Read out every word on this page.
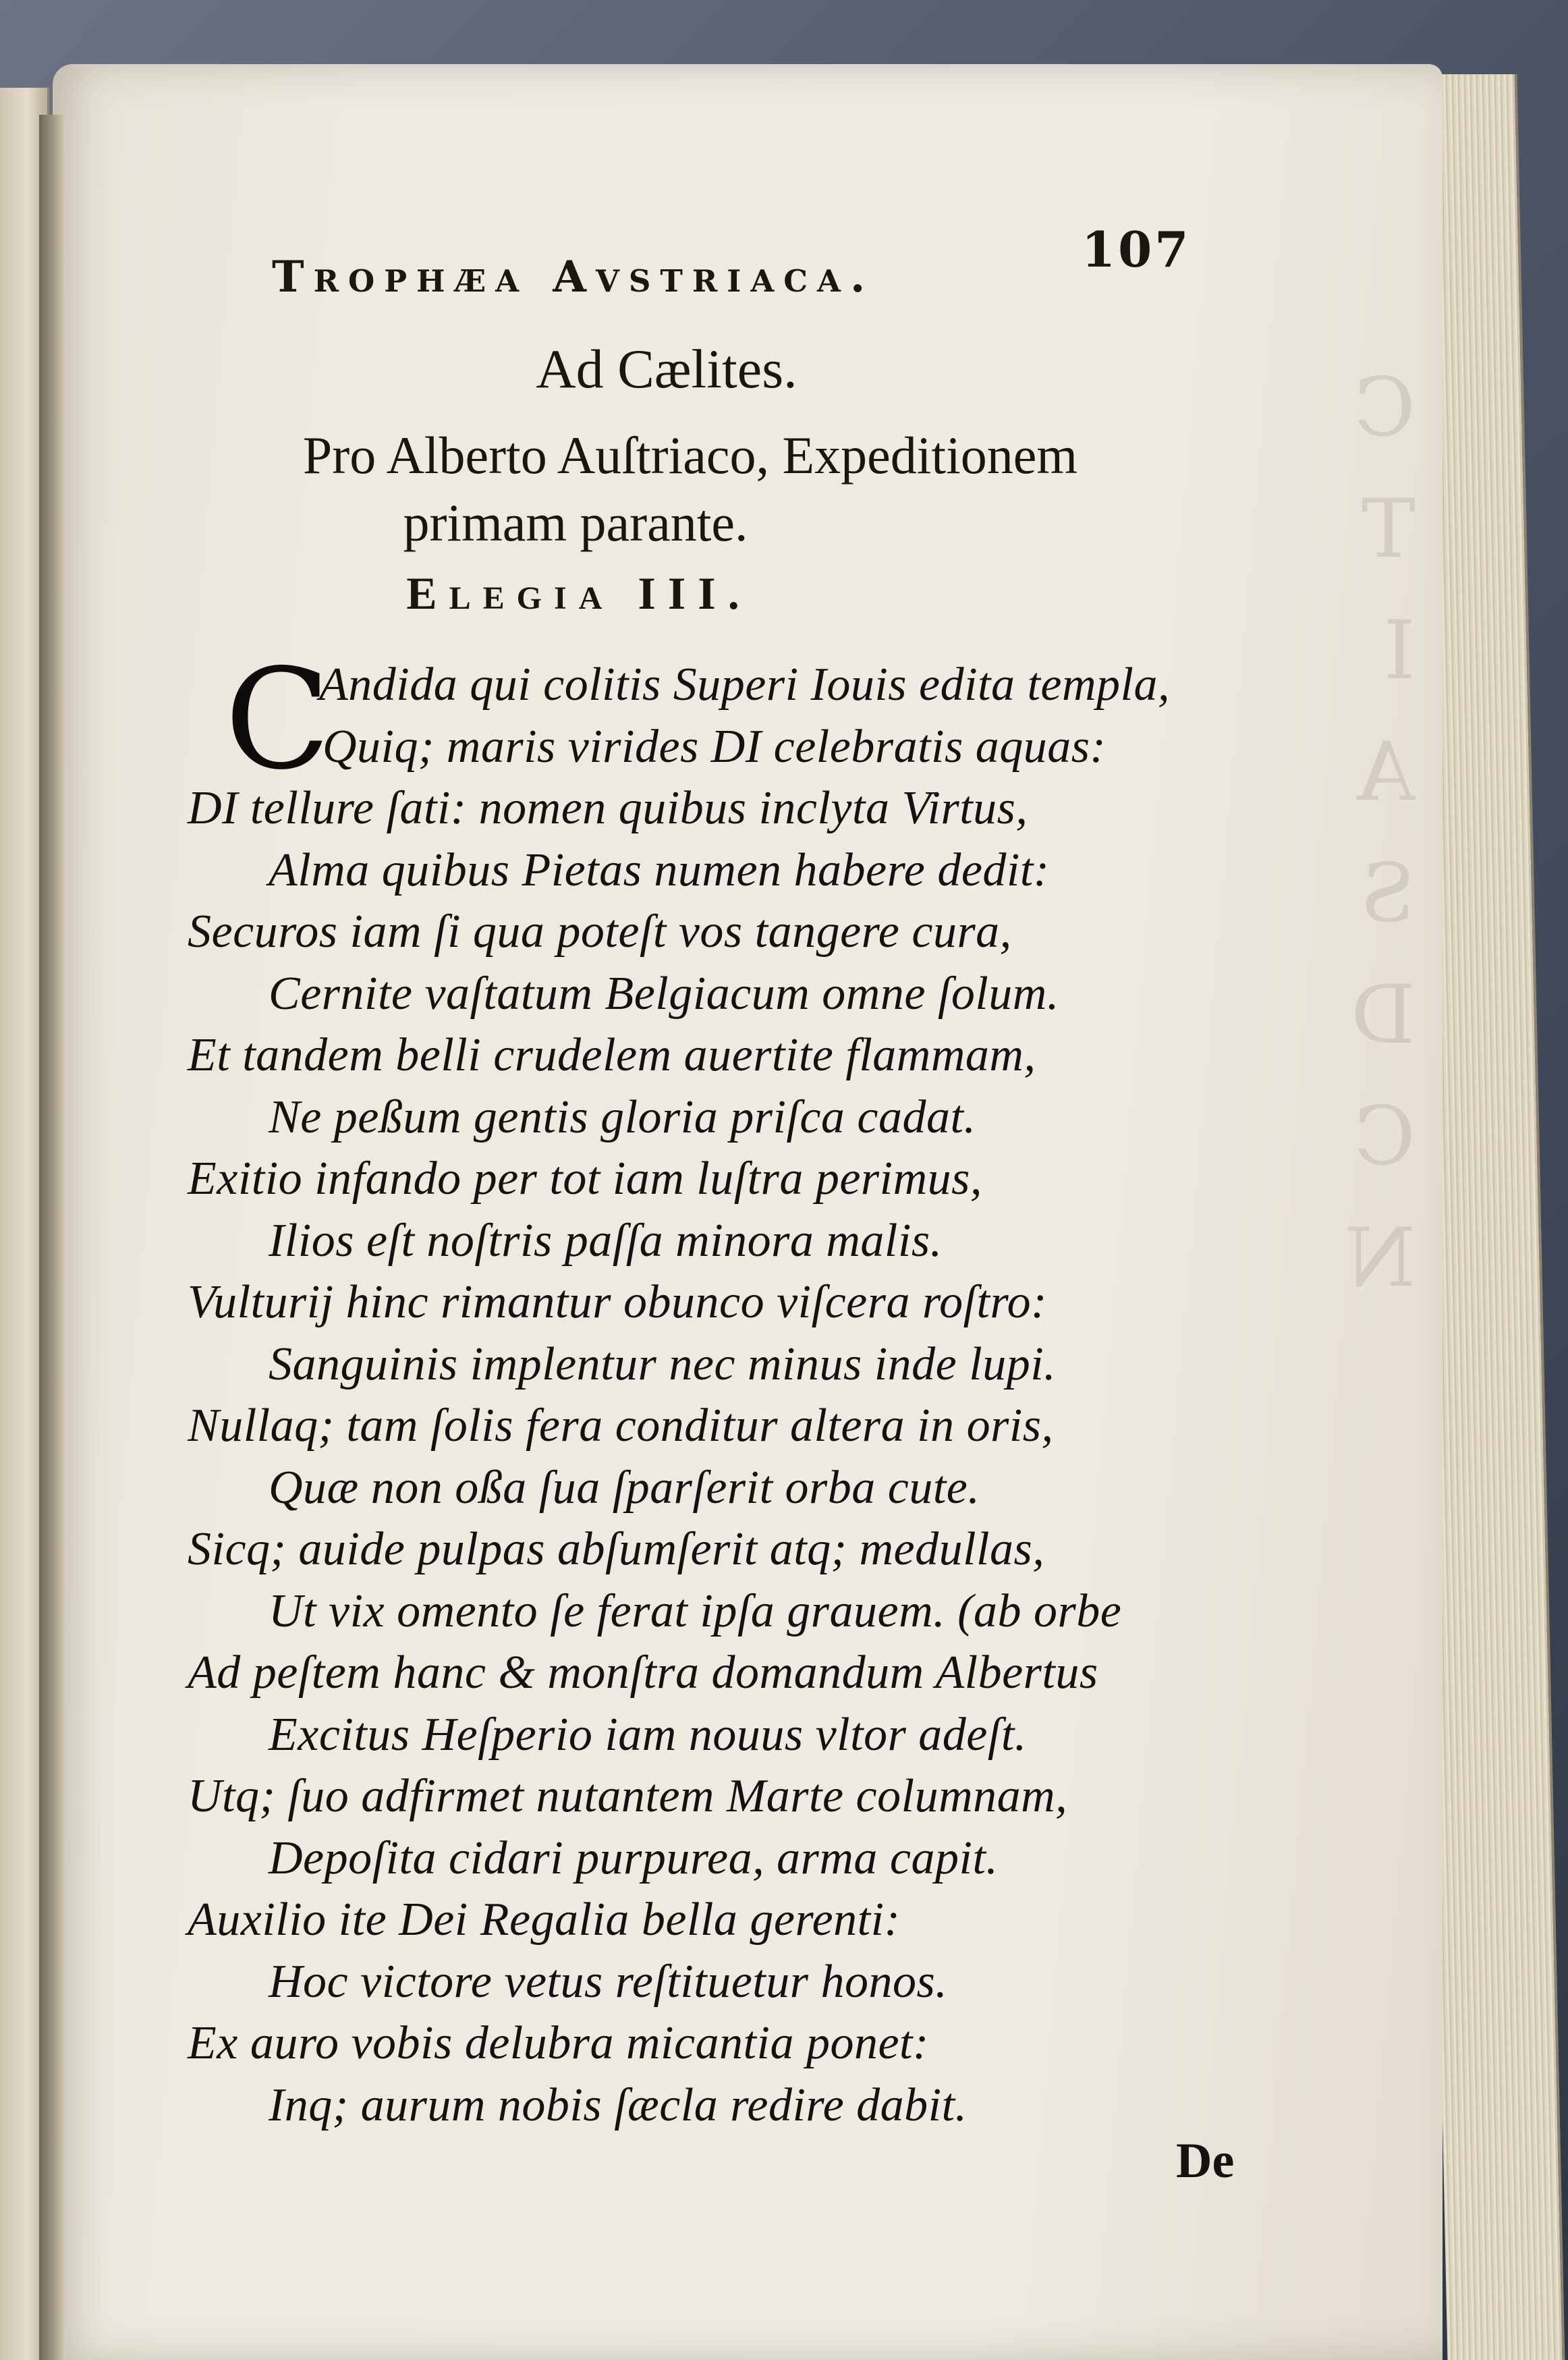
C
T
I
A
S
D
C
N
Trophæa Avstriaca.	107
Ad Cælites.
Pro Alberto Auſtriaco, Expeditionem
primam parante.
Elegia III.
C
Andida qui colitis Superi Iouis edita templa,
Quiq; maris virides DI celebratis aquas:
DI tellure ſati: nomen quibus inclyta Virtus,
Alma quibus Pietas numen habere dedit:
Securos iam ſi qua poteſt vos tangere cura,
Cernite vaſtatum Belgiacum omne ſolum.
Et tandem belli crudelem auertite flammam,
Ne peßum gentis gloria priſca cadat.
Exitio infando per tot iam luſtra perimus,
Ilios eſt noſtris paſſa minora malis.
Vulturij hinc rimantur obunco viſcera roſtro:
Sanguinis implentur nec minus inde lupi.
Nullaq; tam ſolis fera conditur altera in oris,
Quæ non oßa ſua ſparſerit orba cute.
Sicq; auide pulpas abſumſerit atq; medullas,
Ut vix omento ſe ferat ipſa grauem. (ab orbe
Ad peſtem hanc & monſtra domandum Albertus
Excitus Heſperio iam nouus vltor adeſt.
Utq; ſuo adfirmet nutantem Marte columnam,
Depoſita cidari purpurea, arma capit.
Auxilio ite Dei Regalia bella gerenti:
Hoc victore vetus reſtituetur honos.
Ex auro vobis delubra micantia ponet:
Inq; aurum nobis ſæcla redire dabit.
De
